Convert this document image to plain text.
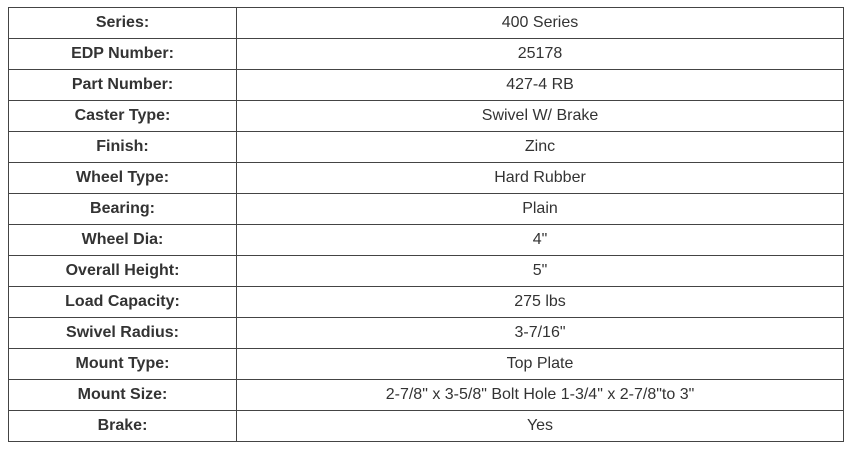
Series:	400 Series
EDP Number:	25178
Part Number:	427-4 RB
Caster Type:	Swivel W/ Brake
Finish:	Zinc
Wheel Type:	Hard Rubber
Bearing:	Plain
Wheel Dia:	4"
Overall Height:	5"
Load Capacity:	275 lbs
Swivel Radius:	3-7/16"
Mount Type:	Top Plate
Mount Size:	2-7/8" x 3-5/8" Bolt Hole 1-3/4" x 2-7/8"to 3"
Brake:	Yes
